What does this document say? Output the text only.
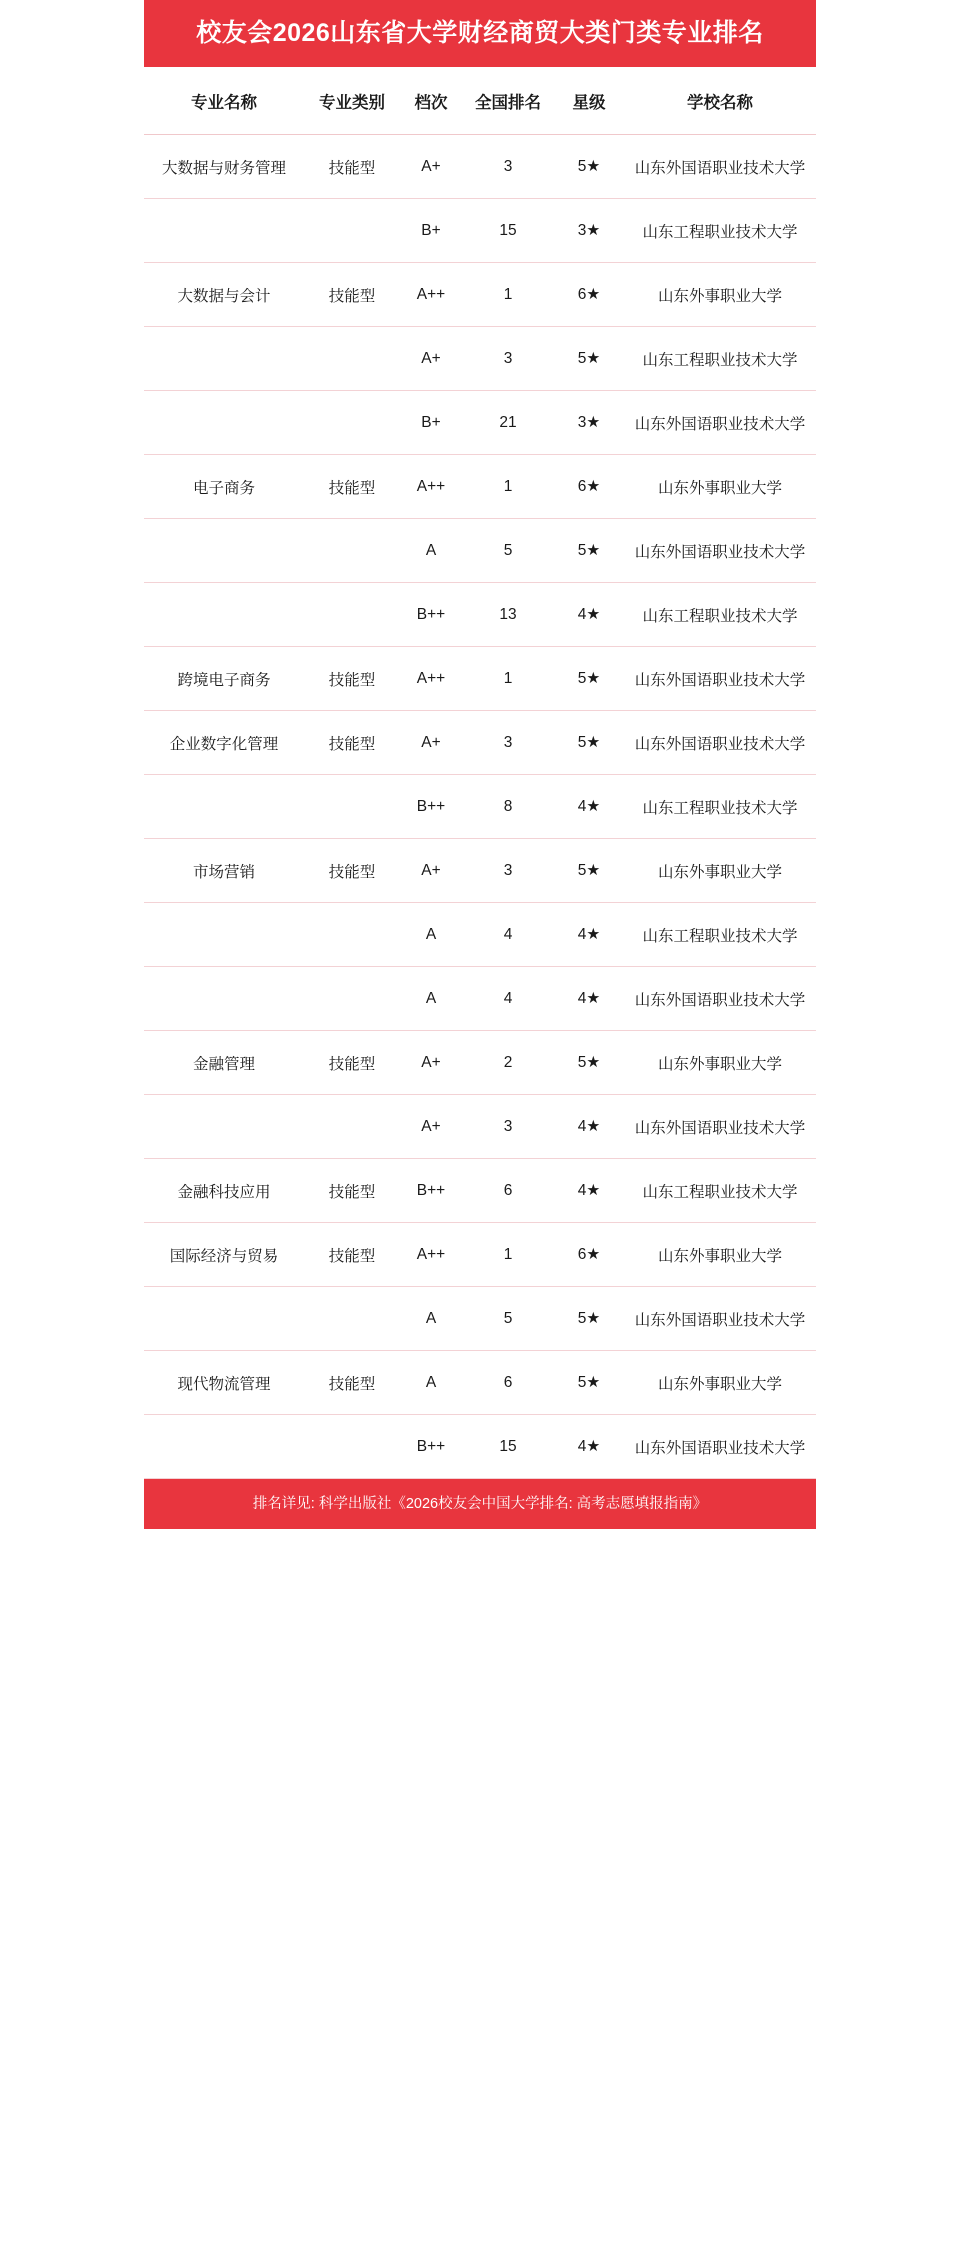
校友会2026山东省大学财经商贸大类门类专业排名
专业名称	专业类别	档次	全国排名	星级	学校名称
大数据与财务管理	技能型	A+	3	5★	山东外国语职业技术大学
		B+	15	3★	山东工程职业技术大学
大数据与会计	技能型	A++	1	6★	山东外事职业大学
		A+	3	5★	山东工程职业技术大学
		B+	21	3★	山东外国语职业技术大学
电子商务	技能型	A++	1	6★	山东外事职业大学
		A	5	5★	山东外国语职业技术大学
		B++	13	4★	山东工程职业技术大学
跨境电子商务	技能型	A++	1	5★	山东外国语职业技术大学
企业数字化管理	技能型	A+	3	5★	山东外国语职业技术大学
		B++	8	4★	山东工程职业技术大学
市场营销	技能型	A+	3	5★	山东外事职业大学
		A	4	4★	山东工程职业技术大学
		A	4	4★	山东外国语职业技术大学
金融管理	技能型	A+	2	5★	山东外事职业大学
		A+	3	4★	山东外国语职业技术大学
金融科技应用	技能型	B++	6	4★	山东工程职业技术大学
国际经济与贸易	技能型	A++	1	6★	山东外事职业大学
		A	5	5★	山东外国语职业技术大学
现代物流管理	技能型	A	6	5★	山东外事职业大学
		B++	15	4★	山东外国语职业技术大学
排名详见: 科学出版社《2026校友会中国大学排名: 高考志愿填报指南》
